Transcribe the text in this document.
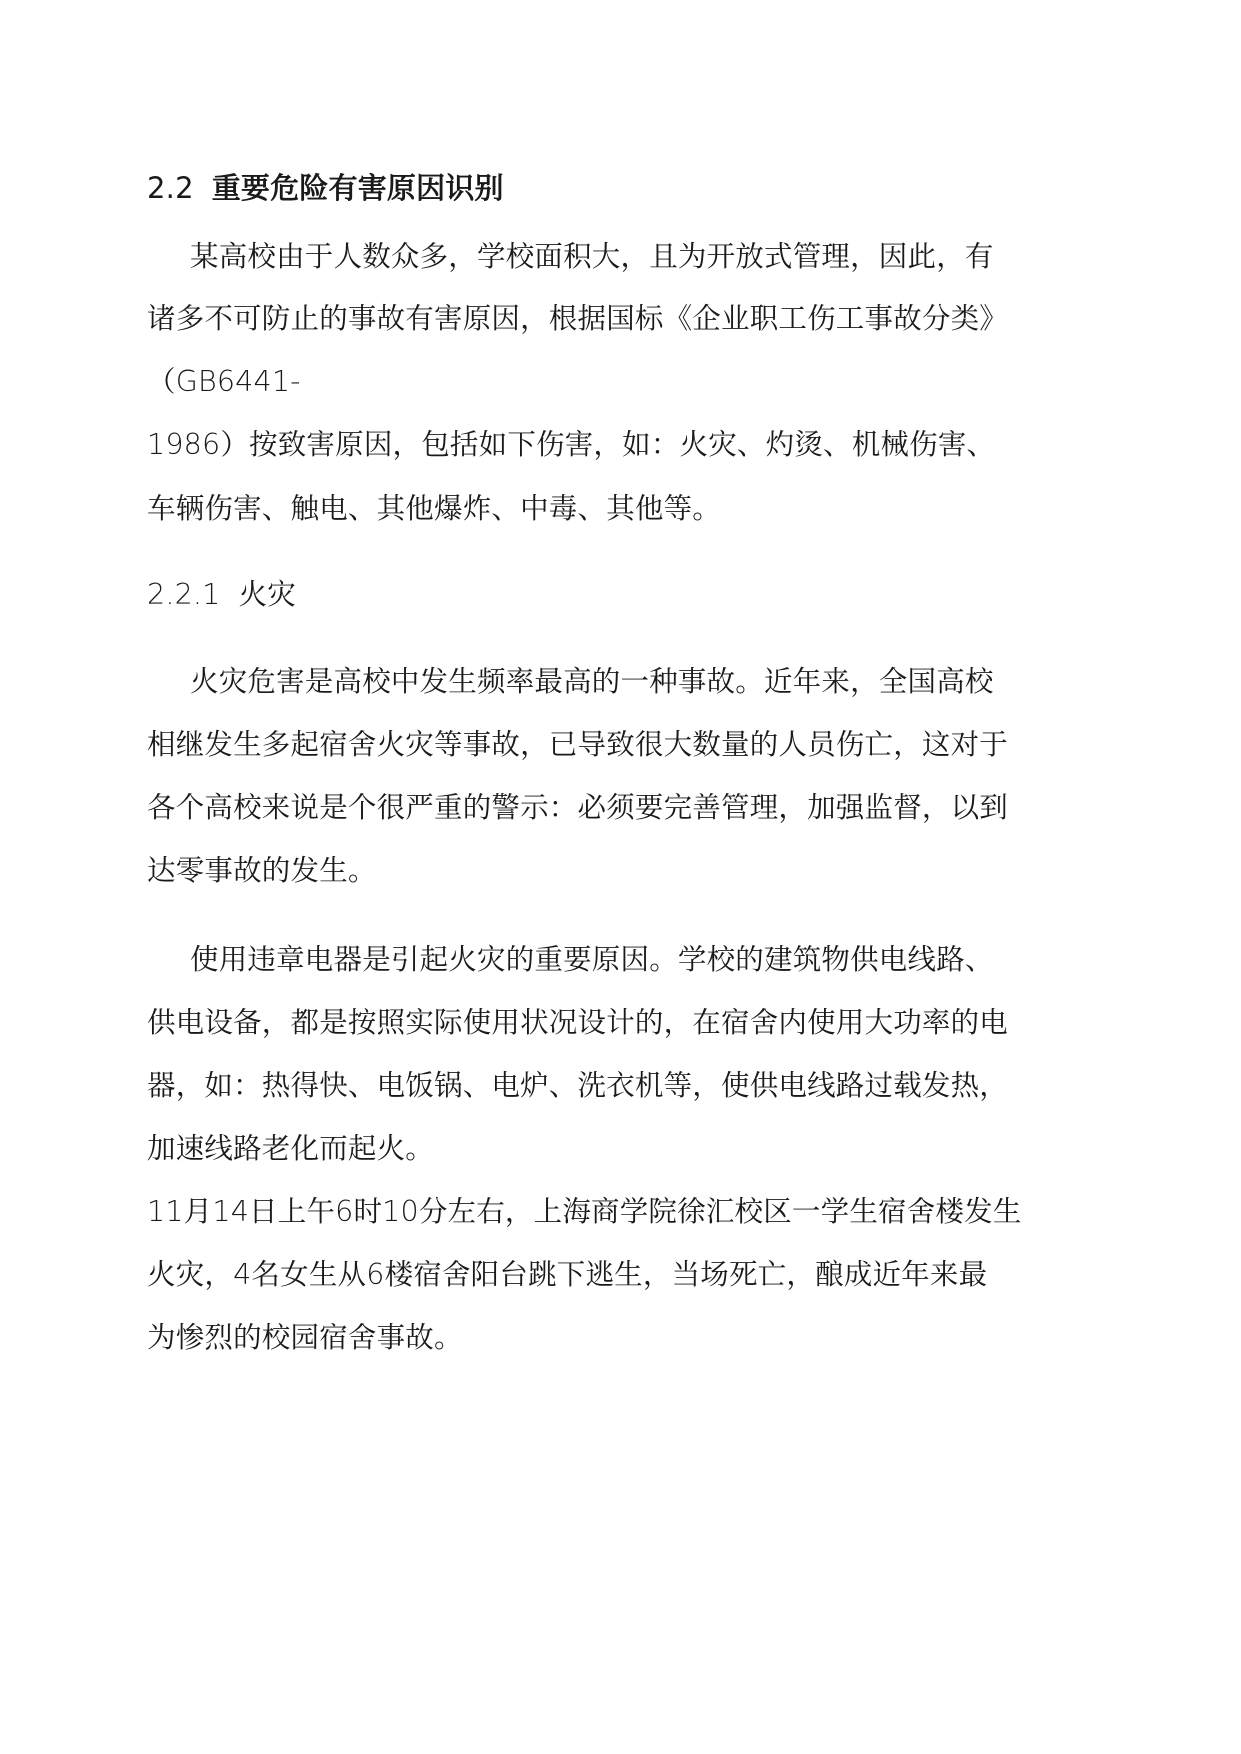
2.2 重要危险有害原因识别
某高校由于人数众多，学校面积大，且为开放式管理，因此，有
诸多不可防止的事故有害原因，根据国标《企业职工伤工事故分类》
（GB6441-
1986）按致害原因，包括如下伤害，如：火灾、灼烫、机械伤害、
车辆伤害、触电、其他爆炸、中毒、其他等。
2.2.1 火灾
火灾危害是高校中发生频率最高的一种事故。近年来，全国高校
相继发生多起宿舍火灾等事故，已导致很大数量的人员伤亡，这对于
各个高校来说是个很严重的警示：必须要完善管理，加强监督，以到
达零事故的发生。
使用违章电器是引起火灾的重要原因。学校的建筑物供电线路、
供电设备，都是按照实际使用状况设计的，在宿舍内使用大功率的电
器，如：热得快、电饭锅、电炉、洗衣机等，使供电线路过载发热，
加速线路老化而起火。
11月14日上午6时10分左右，上海商学院徐汇校区一学生宿舍楼发生
火灾，4名女生从6楼宿舍阳台跳下逃生，当场死亡，酿成近年来最
为惨烈的校园宿舍事故。
